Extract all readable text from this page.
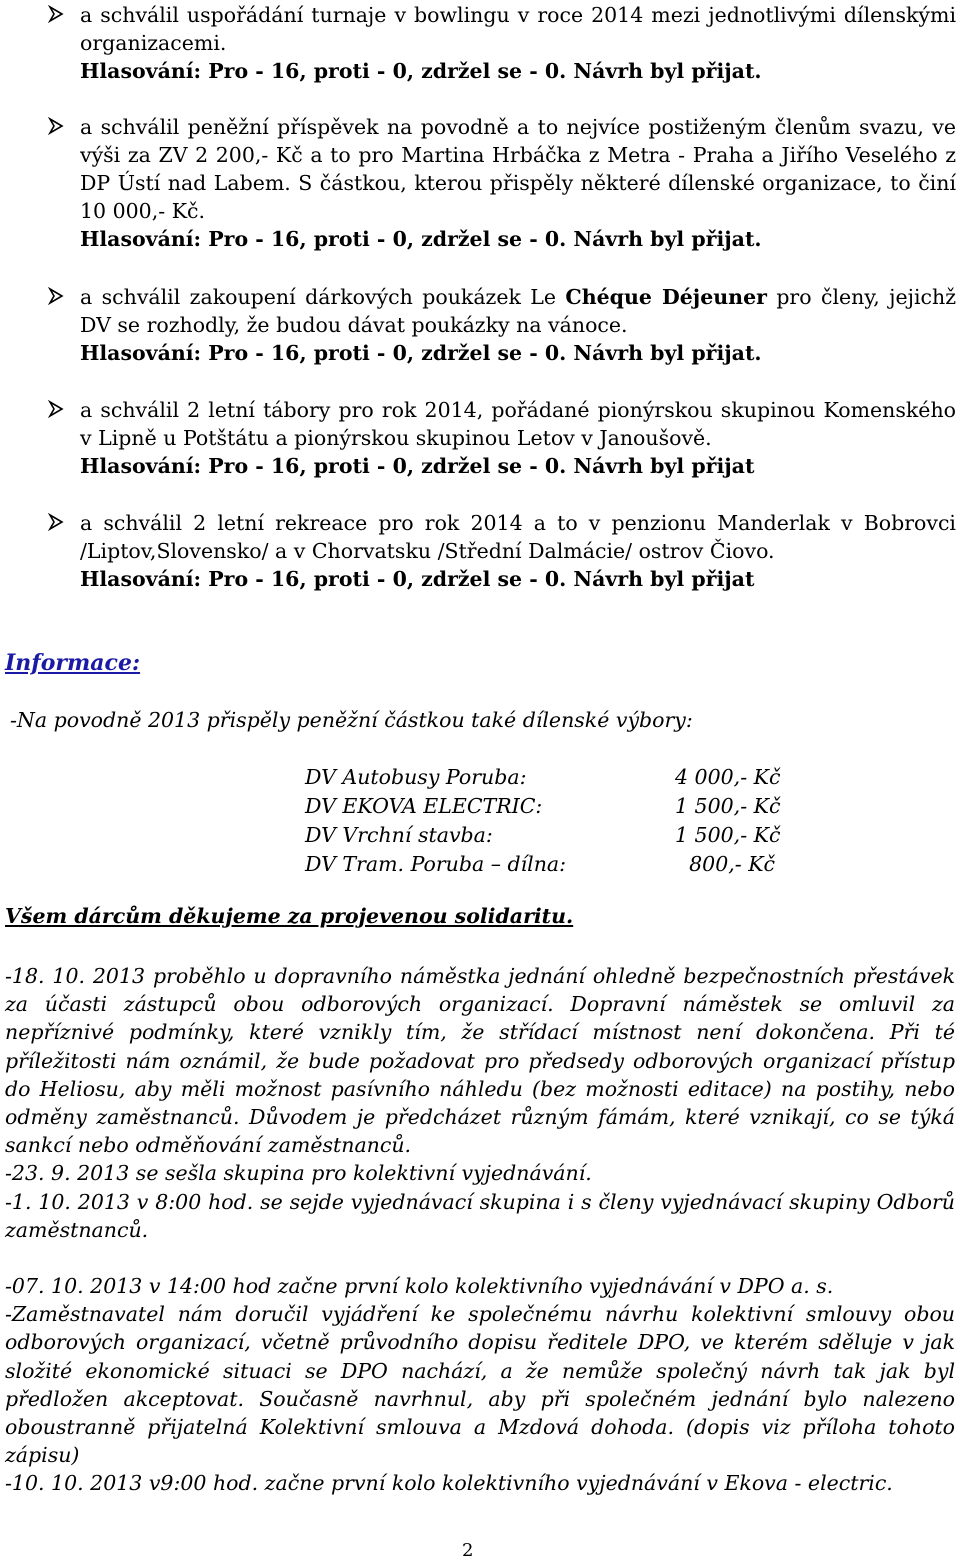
a schválil uspořádání turnaje v bowlingu v roce 2014 mezi jednotlivými dílenskými organizacemi.

Hlasování: Pro - 16, proti - 0, zdržel se - 0. Návrh byl přijat.

a schválil peněžní příspěvek na povodně a to nejvíce postiženým členům svazu, ve výši za ZV 2 200,- Kč a to pro Martina Hrbáčka z Metra - Praha a Jiřího Veselého z DP Ústí nad Labem. S částkou, kterou přispěly některé dílenské organizace, to činí 10 000,- Kč.

Hlasování: Pro - 16, proti - 0, zdržel se - 0. Návrh byl přijat.

a schválil zakoupení dárkových poukázek Le Chéque Déjeuner pro členy, jejichž DV se rozhodly, že budou dávat poukázky na vánoce.

Hlasování: Pro - 16, proti - 0, zdržel se - 0. Návrh byl přijat.

a schválil 2 letní tábory pro rok 2014, pořádané pionýrskou skupinou Komenského v Lipně u Potštátu a pionýrskou skupinou Letov v Janoušově.

Hlasování: Pro - 16, proti - 0, zdržel se - 0. Návrh byl přijat

a schválil 2 letní rekreace pro rok 2014 a to v penzionu Manderlak v Bobrovci /Liptov,Slovensko/ a v Chorvatsku /Střední Dalmácie/ ostrov Čiovo.

Hlasování: Pro - 16, proti - 0, zdržel se - 0. Návrh byl přijat

Informace:
-Na povodně 2013 přispěly peněžní částkou také dílenské výbory:
DV Autobusy Poruba:	4 000,- Kč
DV EKOVA ELECTRIC:	1 500,- Kč
DV Vrchní stavba:	1 500,- Kč
DV Tram. Poruba – dílna:	800,- Kč
Všem dárcům děkujeme za projevenou solidaritu.

-18. 10. 2013 proběhlo u dopravního náměstka jednání ohledně bezpečnostních přestávek za účasti zástupců obou odborových organizací. Dopravní náměstek se omluvil za nepříznivé podmínky, které vznikly tím, že střídací místnost není dokončena. Při té příležitosti nám oznámil, že bude požadovat pro předsedy odborových organizací přístup do Heliosu, aby měli možnost pasívního náhledu (bez možnosti editace) na postihy, nebo odměny zaměstnanců. Důvodem je předcházet různým fámám, které vznikají, co se týká sankcí nebo odměňování zaměstnanců.

-23. 9. 2013 se sešla skupina pro kolektivní vyjednávání.

-1. 10. 2013 v 8:00 hod. se sejde vyjednávací skupina i s členy vyjednávací skupiny Odborů zaměstnanců.

-07. 10. 2013 v 14:00 hod začne první kolo kolektivního vyjednávání v DPO a. s.

-Zaměstnavatel nám doručil vyjádření ke společnému návrhu kolektivní smlouvy obou odborových organizací, včetně průvodního dopisu ředitele DPO, ve kterém sděluje v jak složité ekonomické situaci se DPO nachází, a že nemůže společný návrh tak jak byl předložen akceptovat. Současně navrhnul, aby při společném jednání bylo nalezeno oboustranně přijatelná Kolektivní smlouva a Mzdová dohoda. (dopis viz příloha tohoto zápisu)

-10. 10. 2013 v9:00 hod. začne první kolo kolektivního vyjednávání v Ekova - electric.

2
